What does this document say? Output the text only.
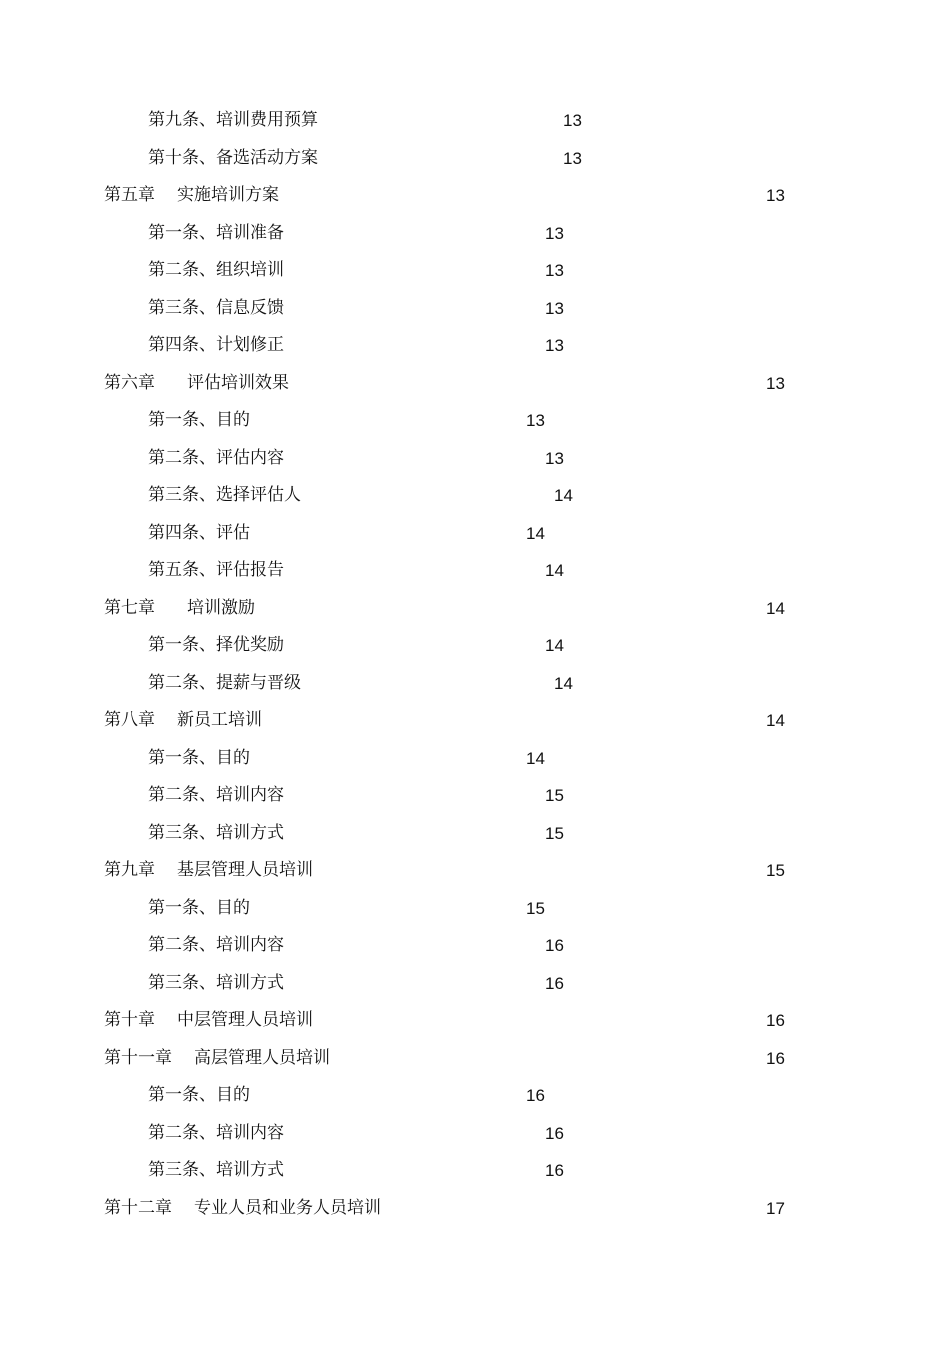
第九条、培训费用预算	13
第十条、备选活动方案	13
第五章 实施培训方案	13
第一条、培训准备	13
第二条、组织培训	13
第三条、信息反馈	13
第四条、计划修正	13
第六章 评估培训效果	13
第一条、目的	13
第二条、评估内容	13
第三条、选择评估人	14
第四条、评估	14
第五条、评估报告	14
第七章 培训激励	14
第一条、择优奖励	14
第二条、提薪与晋级	14
第八章 新员工培训	14
第一条、目的	14
第二条、培训内容	15
第三条、培训方式	15
第九章 基层管理人员培训	15
第一条、目的	15
第二条、培训内容	16
第三条、培训方式	16
第十章 中层管理人员培训	16
第十一章 高层管理人员培训	16
第一条、目的	16
第二条、培训内容	16
第三条、培训方式	16
第十二章 专业人员和业务人员培训	17
